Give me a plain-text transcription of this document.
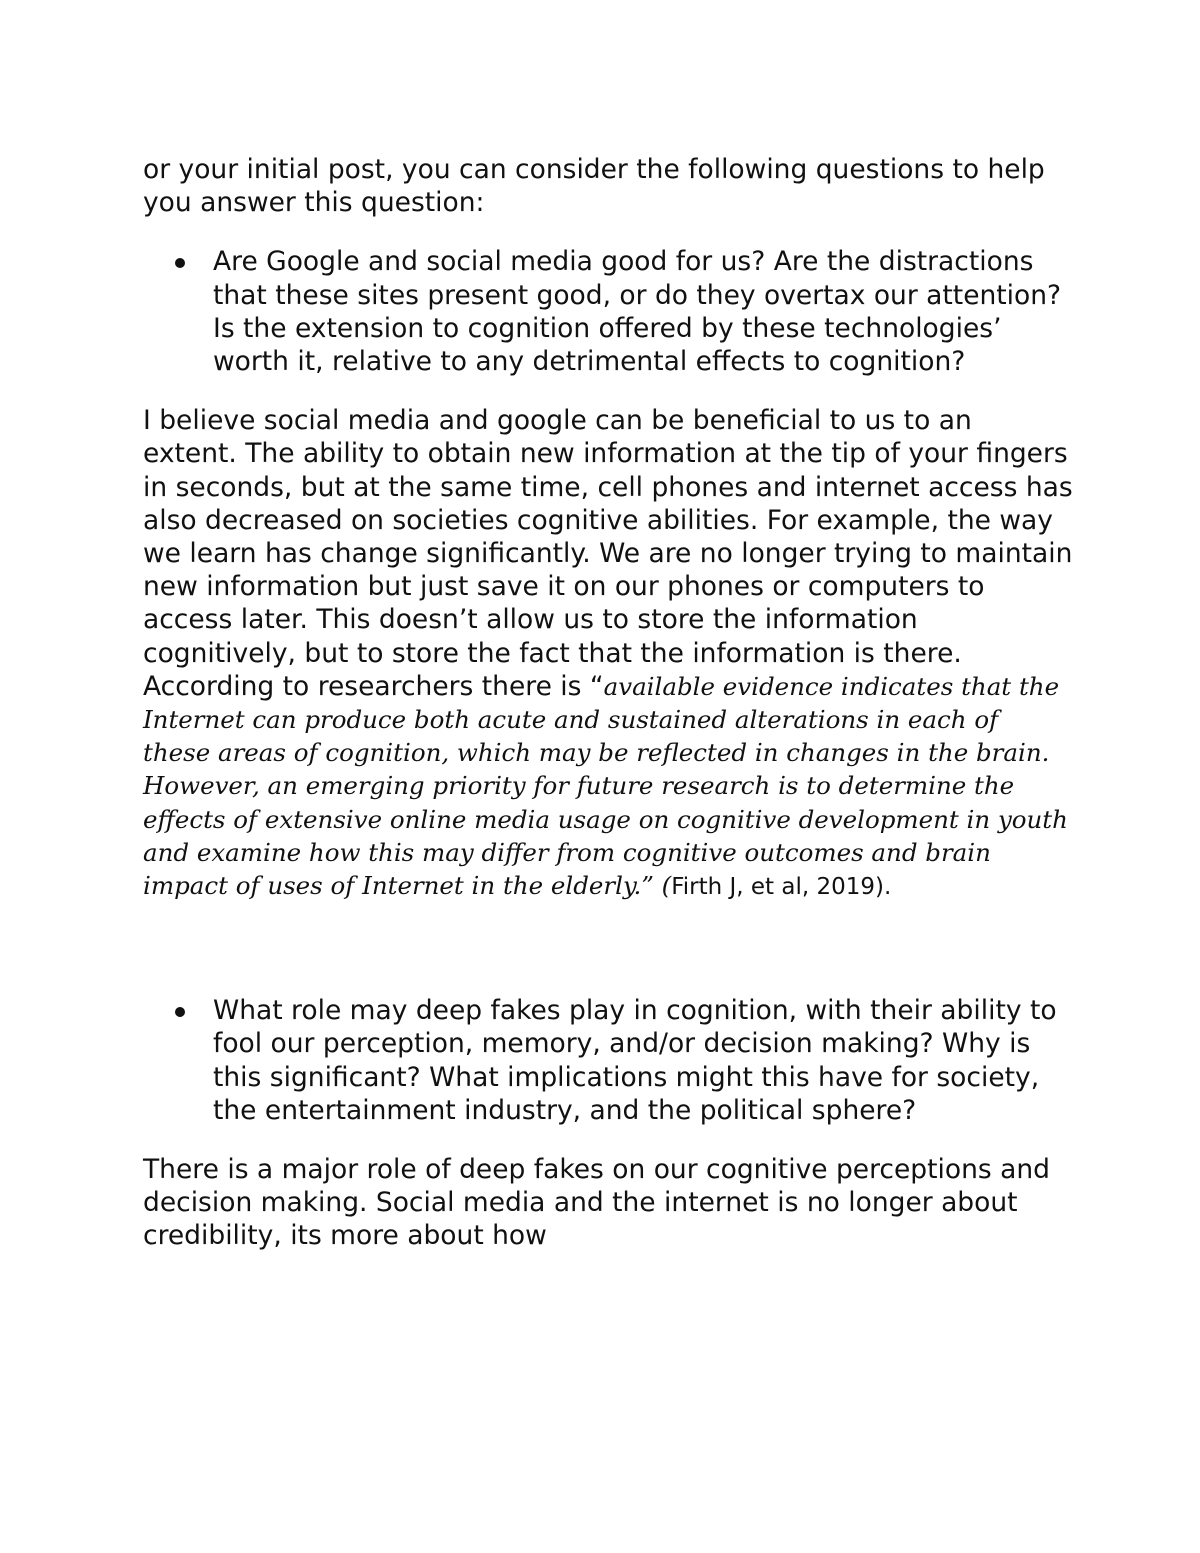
or your initial post, you can consider the following questions to help you answer this question:

Are Google and social media good for us? Are the distractions that these sites present good, or do they overtax our attention? Is the extension to cognition offered by these technologies’ worth it, relative to any detrimental effects to cognition?

I believe social media and google can be beneficial to us to an extent. The ability to obtain new information at the tip of your fingers in seconds, but at the same time, cell phones and internet access has also decreased on societies cognitive abilities. For example, the way we learn has change significantly. We are no longer trying to maintain new information but just save it on our phones or computers to access later. This doesn’t allow us to store the information cognitively, but to store the fact that the information is there. According to researchers there is “available evidence indicates that the Internet can produce both acute and sustained alterations in each of these areas of cognition, which may be reflected in changes in the brain. However, an emerging priority for future research is to determine the effects of extensive online media usage on cognitive development in youth and examine how this may differ from cognitive outcomes and brain impact of uses of Internet in the elderly.” (Firth J, et al, 2019).

What role may deep fakes play in cognition, with their ability to fool our perception, memory, and/or decision making? Why is this significant? What implications might this have for society, the entertainment industry, and the political sphere?

There is a major role of deep fakes on our cognitive perceptions and decision making. Social media and the internet is no longer about credibility, its more about how
